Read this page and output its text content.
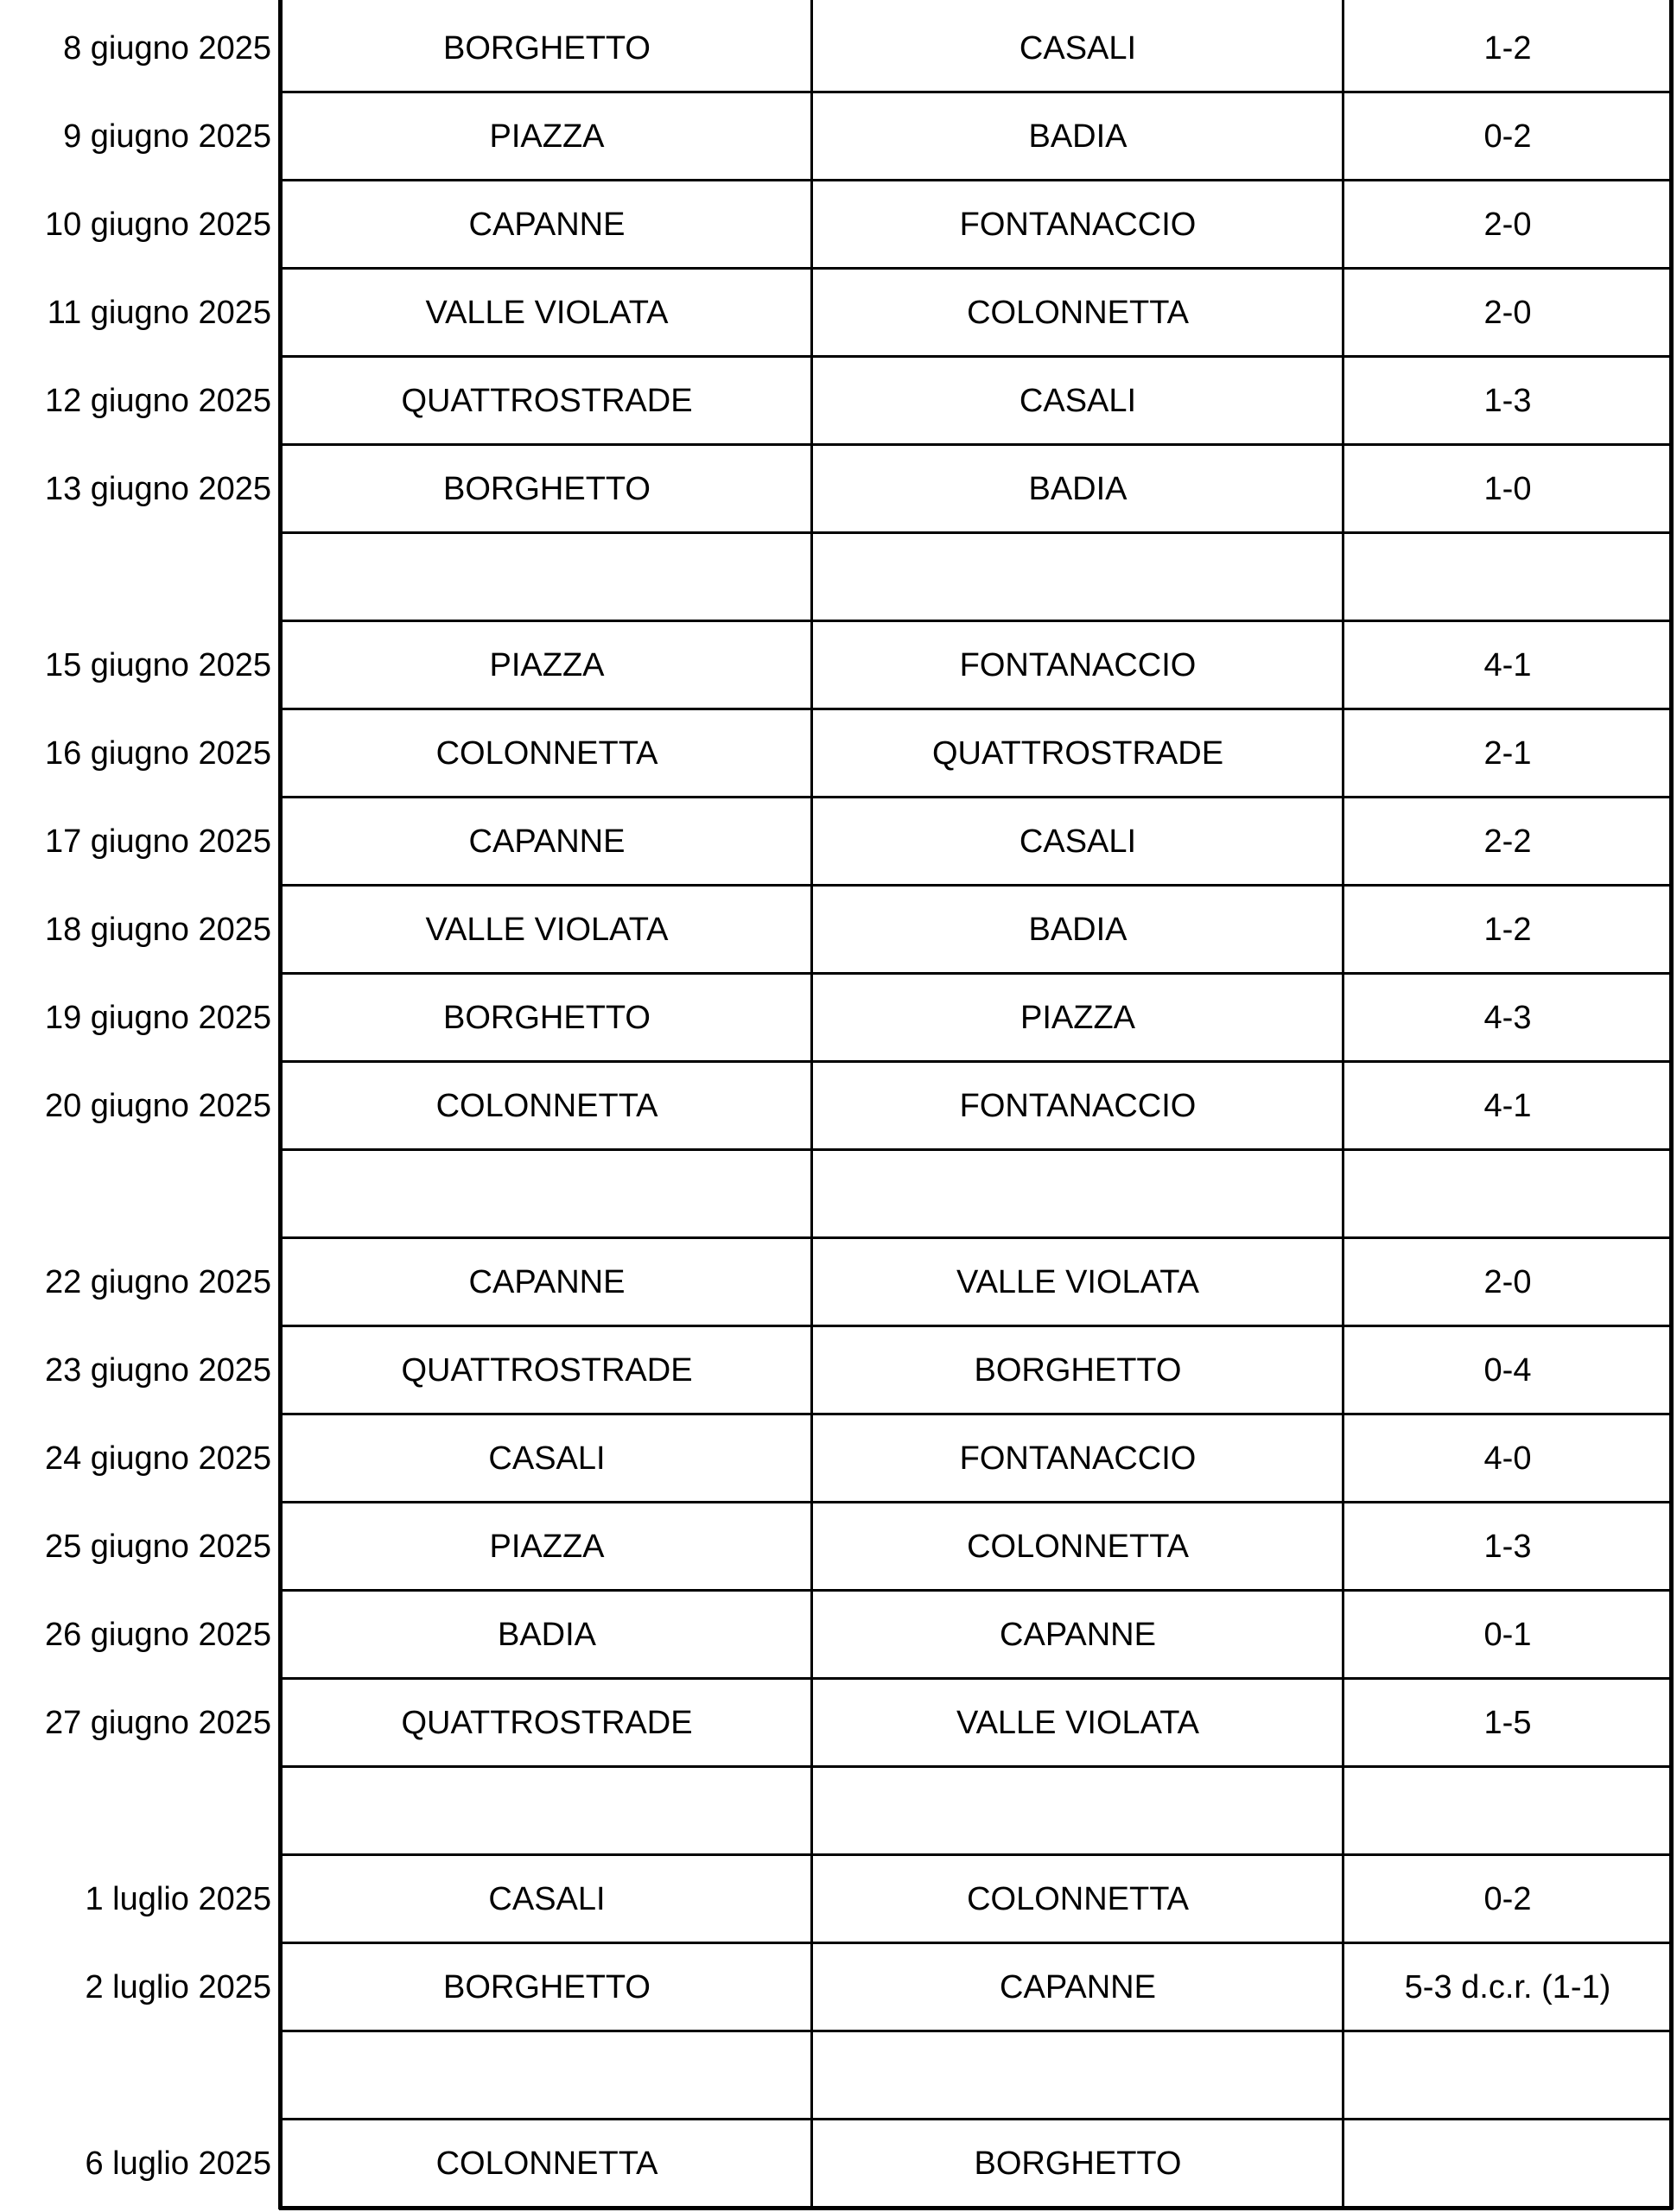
8 giugno 2025	BORGHETTO	CASALI	1-2
9 giugno 2025	PIAZZA	BADIA	0-2
10 giugno 2025	CAPANNE	FONTANACCIO	2-0
11 giugno 2025	VALLE VIOLATA	COLONNETTA	2-0
12 giugno 2025	QUATTROSTRADE	CASALI	1-3
13 giugno 2025	BORGHETTO	BADIA	1-0
15 giugno 2025	PIAZZA	FONTANACCIO	4-1
16 giugno 2025	COLONNETTA	QUATTROSTRADE	2-1
17 giugno 2025	CAPANNE	CASALI	2-2
18 giugno 2025	VALLE VIOLATA	BADIA	1-2
19 giugno 2025	BORGHETTO	PIAZZA	4-3
20 giugno 2025	COLONNETTA	FONTANACCIO	4-1
22 giugno 2025	CAPANNE	VALLE VIOLATA	2-0
23 giugno 2025	QUATTROSTRADE	BORGHETTO	0-4
24 giugno 2025	CASALI	FONTANACCIO	4-0
25 giugno 2025	PIAZZA	COLONNETTA	1-3
26 giugno 2025	BADIA	CAPANNE	0-1
27 giugno 2025	QUATTROSTRADE	VALLE VIOLATA	1-5
1 luglio 2025	CASALI	COLONNETTA	0-2
2 luglio 2025	BORGHETTO	CAPANNE	5-3 d.c.r. (1-1)
6 luglio 2025	COLONNETTA	BORGHETTO
